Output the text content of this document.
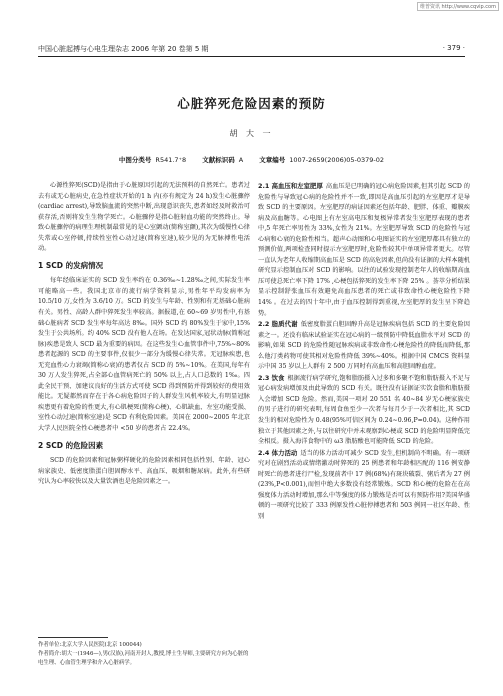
维普资讯 http://www.cqvip.com
中国心脏起搏与心电生理杂志 2006 年第 20 卷第 5 期	· 379 ·
心脏猝死危险因素的预防
胡 大 一
中图分类号 R541.7⁺8 文献标识码 A 文章编号 1007-2659(2006)05-0379-02

心源性猝死(SCD)是指由于心脏原因引起的无法预料的自然死亡。患者过去有或无心脏病史,在急性症状开始的1 h 内(亦有规定为 24 h)发生心脏骤停(cardiac arrest),导致脑血流的突然中断,出现意识丧失,患者如经及时救治可获存活,否则将发生生物学死亡。心脏骤停是指心脏射血功能的突然终止。导致心脏骤停的病理生理机制最常见的是心室颤动(简称室颤),其次为缓慢性心律失常或心室停顿,持续性室性心动过速(简称室速),较少见的为无脉搏性电活动。

1 SCD 的发病情况

每年经临床证实的 SCD 发生率约在 0.36‰~1.28‰之间,实际发生率可能略高一些。我国北京市的流行病学资料显示,男性年平均发病率为 10.5/10 万,女性为 3.6/10 万。SCD 的发生与年龄、性别和有无基础心脏病有关。男性、高龄人群中猝死发生率较高。据报道,在 60~69 岁男性中,有基础心脏病者 SCD 发生率每年高达 8‰。国外 SCD 约 80%发生于家中,15% 发生于公共场所。约 40% SCD 没有他人在场。在发达国家,冠状动脉(简称冠脉)疾患是致人 SCD 最为重要的病因。在这些发生心血管事件中,75%~80%患者起源的 SCD 的主要事件,仅很少一部分为缓慢心律失常。无冠脉疾患,也无充血性心力衰竭(简称心衰)的患者仅占 SCD 的 5%~10%。在美国,每年有 30 万人发生猝死,占全部心血管病死亡的 50% 以上,占人口总数的 1‰。四此全民干预、加建议良好的生活方式可使 SCD 得到预防并得到较好的费用效能比。无疑都然而存在于各心病危险因子的人群发生风机率较大,有明显冠脉疾患更有着危险的性更大,有心肌梗死(简称心梗)、心肌缺血、左室功能受损、室性心动过速(简称室速)是 SCD 有利危险因素。美国在 2000~2005 年北京大学人民医院全性心梗患者中 <50 岁的患者占 22.4%。

2 SCD 的危险因素

SCD 的危险因素和冠脉粥样硬化的危险因素相同包括性别、年龄、冠心病家族史、低密度脂蛋白胆固醇水平、高血压、吸烟和糖尿病。此外,有些研究认为心率较快以及大量饮酒也是危险因素之一。

作者单位:北京大学人民医院(北京 100044)
作者简介:胡大一(1946—),男(汉族),河南开封人,教授,博士生导师,主要研究方向为心脏的电生理、心血管生理学和介入心脏病学。

2.1 高血压和左室肥厚 高血压是已明确的冠心病危险因素,但其引起 SCD 的危险性与导致冠心病的危险性并不一致,即因是高血压引起的左室肥厚才是导致 SCD 的主要原因。左室肥厚的病证因素还包括年龄、肥胖、体重、瓣膜疾病及高血糖等。心电图上有左室高电压和复极异常者发生室肥厚表现的患者中,5 年死亡率男性为 33%,女性为 21%。左室肥厚导致 SCD 的危险性与冠心病和心衰的危险性相当。超声心动图和心电图证实的左室肥厚都具有独立的预测价值,两项检查同时提示左室肥厚时,危险性较其中单项异常者更大。尽管一直认为老年人收缩期高血压是 SCD 的高危因素,但尚没有证据的大样本随机研究显示控制血压对 SCD 的影响。以往的试验发现控制老年人的收缩期高血压可使总死亡率下降 17% ,心梗包括猝死的发生率下降 25% 。荟萃分析结果显示控制舒张血压有效避免高血压患者的死亡或非致命性心梗危险性下降 14% 。在过去的四十年中,由于血压控制得到重视,左室肥厚的发生呈下降趋势。

2.2 脂质代谢 低密度脂蛋白胆固醇升高是冠脉疾病包括 SCD 的主要危险因素之一。还没有临床试验证实在冠心病的一级预防中降低血脂水平对 SCD 的影响,如果 SCD 的危险性随冠脉疾病或非致命性心梗危险性的降低而降低,那么他汀类药物可使其相对危险性降低 39%~40%。根据中国 CMCS 资料显示中国 35 岁以上人群有 2 500 万同时有高血压和高胆固醇血症。

2.3 饮食 根据流行病学研究,饱和脂肪摄入过多和多聚不饱和脂肪摄入不足与冠心病发病增加及由此导致的 SCD 有关。既往没有证据证实饮食脂和脂肪摄入会增加 SCD 危险。然而,美国一项对 20 551 名 40~84 岁无心梗家族史的男子进行的研究表明,每周食鱼至少一次者与每月少于一次者相比,其 SCD 发生的相对危险性为 0.48(95%可信区间为 0.24~0.96,P=0.04)。这种作用独立于其他因素之外,与以往研究中并未观察到心梗或 SCD 的危险明显降低完全相反。摄入海洋食物中的 ω3 脂肪酸也可能降低 SCD 的危险。

2.4 体力活动 适当的体力活动可减少 SCD 发生,但机制尚不明确。有一项研究对在剧烈活动或情绪激动时猝死的 25 例患者和年龄相匹配的 116 例安静时死亡的患者进行尸检,发现前者中 17 例(68%)有斑块破裂、粥后者为 27 例(23%,P<0.001),而恒中绝大多数没有经常锻炼。SCD 和心梗的危险在在高强度体力活动时增加,那么中等强度的体力锻炼是否可以有预防作用?美国华盛顿的一项研究比较了 333 例原发性心脏停搏患者和 503 例同一社区年龄、性别
